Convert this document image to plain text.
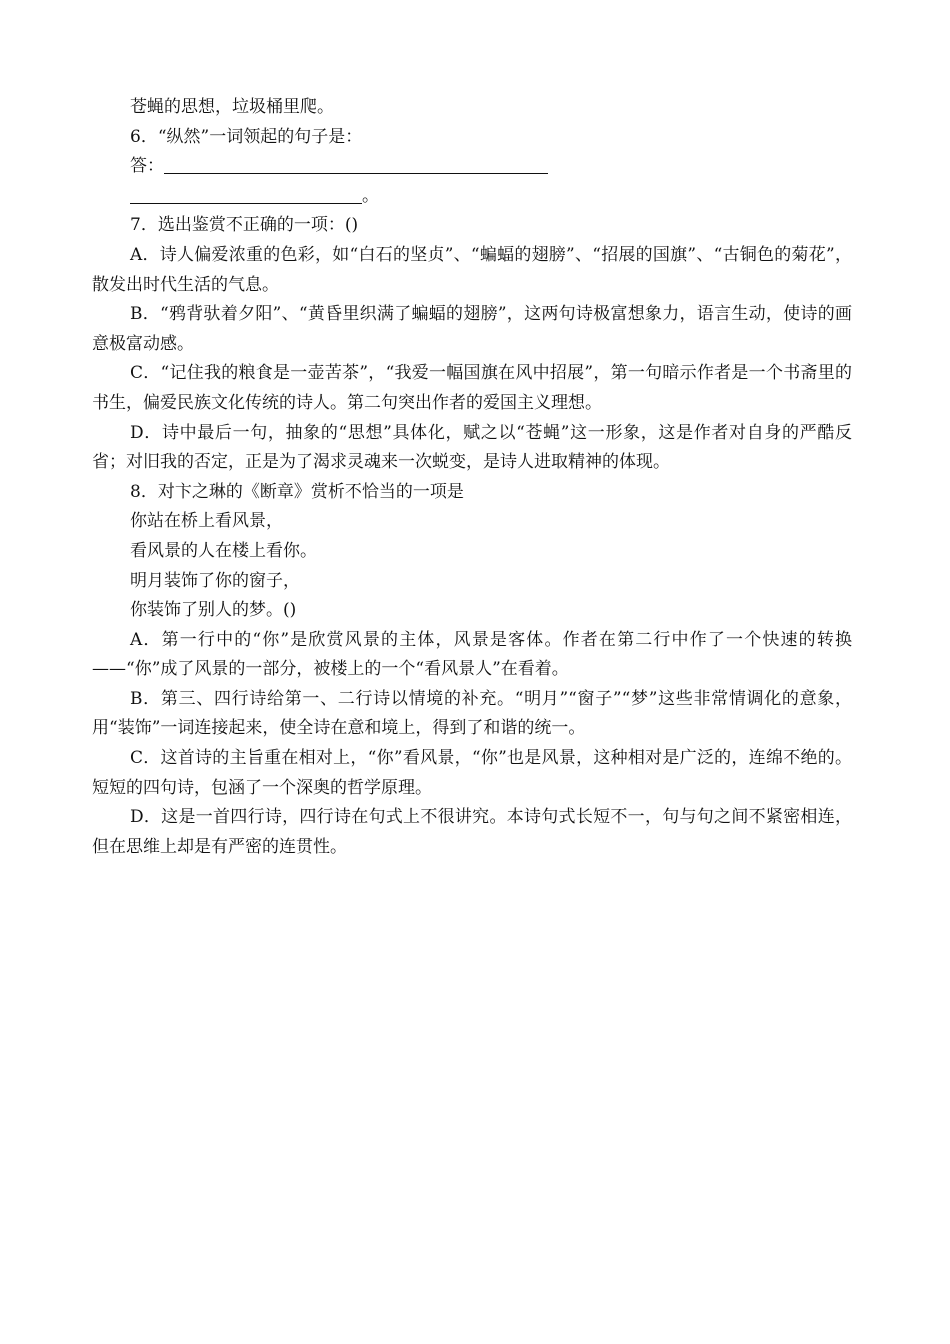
苍蝇的思想，垃圾桶里爬。

6．“纵然”一词领起的句子是：

答：

。

7．选出鉴赏不正确的一项：()

A．诗人偏爱浓重的色彩，如“白石的坚贞”、“蝙蝠的翅膀”、“招展的国旗”、“古铜色的菊花”，散发出时代生活的气息。

B．“鸦背驮着夕阳”、“黄昏里织满了蝙蝠的翅膀”，这两句诗极富想象力，语言生动，使诗的画意极富动感。

C．“记住我的粮食是一壶苦茶”，“我爱一幅国旗在风中招展”，第一句暗示作者是一个书斋里的书生，偏爱民族文化传统的诗人。第二句突出作者的爱国主义理想。

D．诗中最后一句，抽象的“思想”具体化，赋之以“苍蝇”这一形象，这是作者对自身的严酷反省；对旧我的否定，正是为了渴求灵魂来一次蜕变，是诗人进取精神的体现。

8．对卞之琳的《断章》赏析不恰当的一项是

你站在桥上看风景，

看风景的人在楼上看你。

明月装饰了你的窗子，

你装饰了别人的梦。()

A．第一行中的“你”是欣赏风景的主体，风景是客体。作者在第二行中作了一个快速的转换——“你”成了风景的一部分，被楼上的一个“看风景人”在看着。

B．第三、四行诗给第一、二行诗以情境的补充。“明月”“窗子”“梦”这些非常情调化的意象，用“装饰”一词连接起来，使全诗在意和境上，得到了和谐的统一。

C．这首诗的主旨重在相对上，“你”看风景，“你”也是风景，这种相对是广泛的，连绵不绝的。短短的四句诗，包涵了一个深奥的哲学原理。

D．这是一首四行诗，四行诗在句式上不很讲究。本诗句式长短不一，句与句之间不紧密相连，但在思维上却是有严密的连贯性。
